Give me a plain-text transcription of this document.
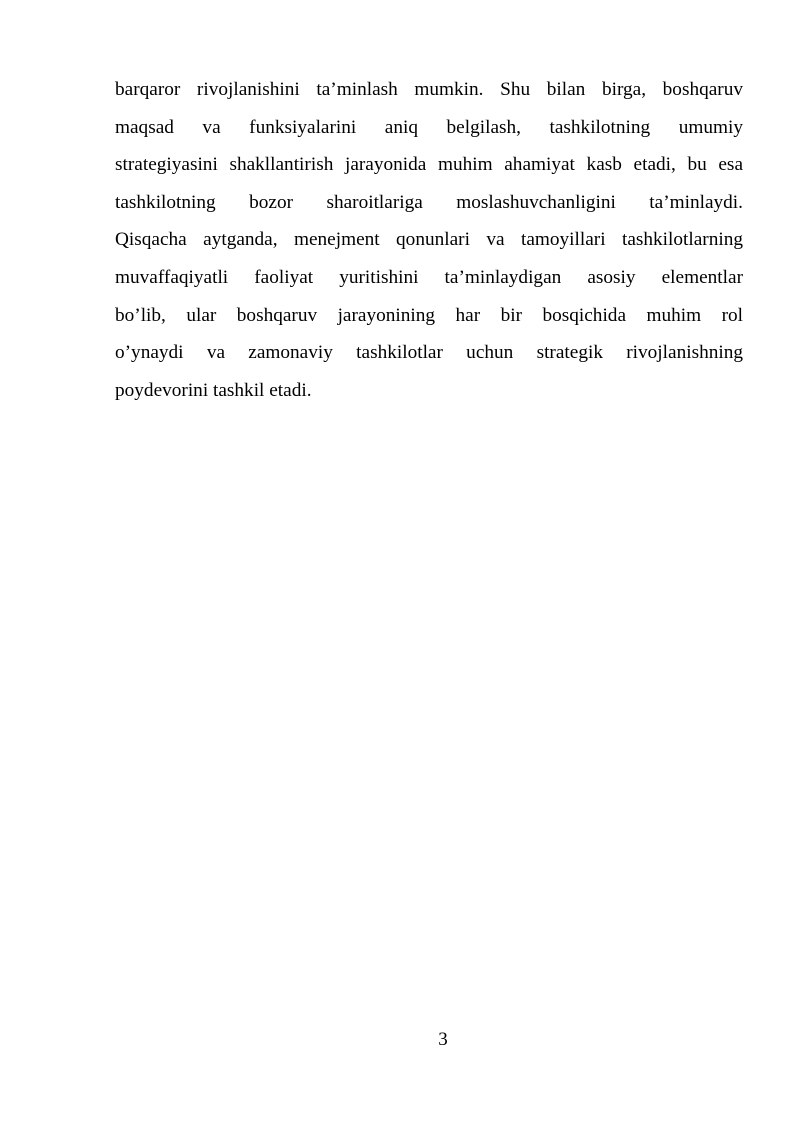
barqaror rivojlanishini ta’minlash mumkin. Shu bilan birga, boshqaruv
maqsad va funksiyalarini aniq belgilash, tashkilotning umumiy
strategiyasini shakllantirish jarayonida muhim ahamiyat kasb etadi, bu esa
tashkilotning bozor sharoitlariga moslashuvchanligini ta’minlaydi.
Qisqacha aytganda, menejment qonunlari va tamoyillari tashkilotlarning
muvaffaqiyatli faoliyat yuritishini ta’minlaydigan asosiy elementlar
bo’lib, ular boshqaruv jarayonining har bir bosqichida muhim rol
o’ynaydi va zamonaviy tashkilotlar uchun strategik rivojlanishning
poydevorini tashkil etadi.
3
